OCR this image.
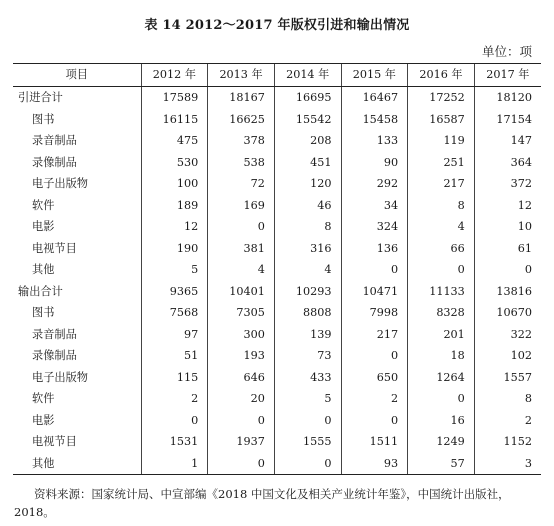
表 14 2012～2017 年版权引进和输出情况
单位：项
项目	2012 年	2013 年	2014 年	2015 年	2016 年	2017 年
引进合计	17589	18167	16695	16467	17252	18120
图书	16115	16625	15542	15458	16587	17154
录音制品	475	378	208	133	119	147
录像制品	530	538	451	90	251	364
电子出版物	100	72	120	292	217	372
软件	189	169	46	34	8	12
电影	12	0	8	324	4	10
电视节目	190	381	316	136	66	61
其他	5	4	4	0	0	0
输出合计	9365	10401	10293	10471	11133	13816
图书	7568	7305	8808	7998	8328	10670
录音制品	97	300	139	217	201	322
录像制品	51	193	73	0	18	102
电子出版物	115	646	433	650	1264	1557
软件	2	20	5	2	0	8
电影	0	0	0	0	16	2
电视节目	1531	1937	1555	1511	1249	1152
其他	1	0	0	93	57	3
资料来源：国家统计局、中宣部编《2018 中国文化及相关产业统计年鉴》，中国统计出版社，2018。
